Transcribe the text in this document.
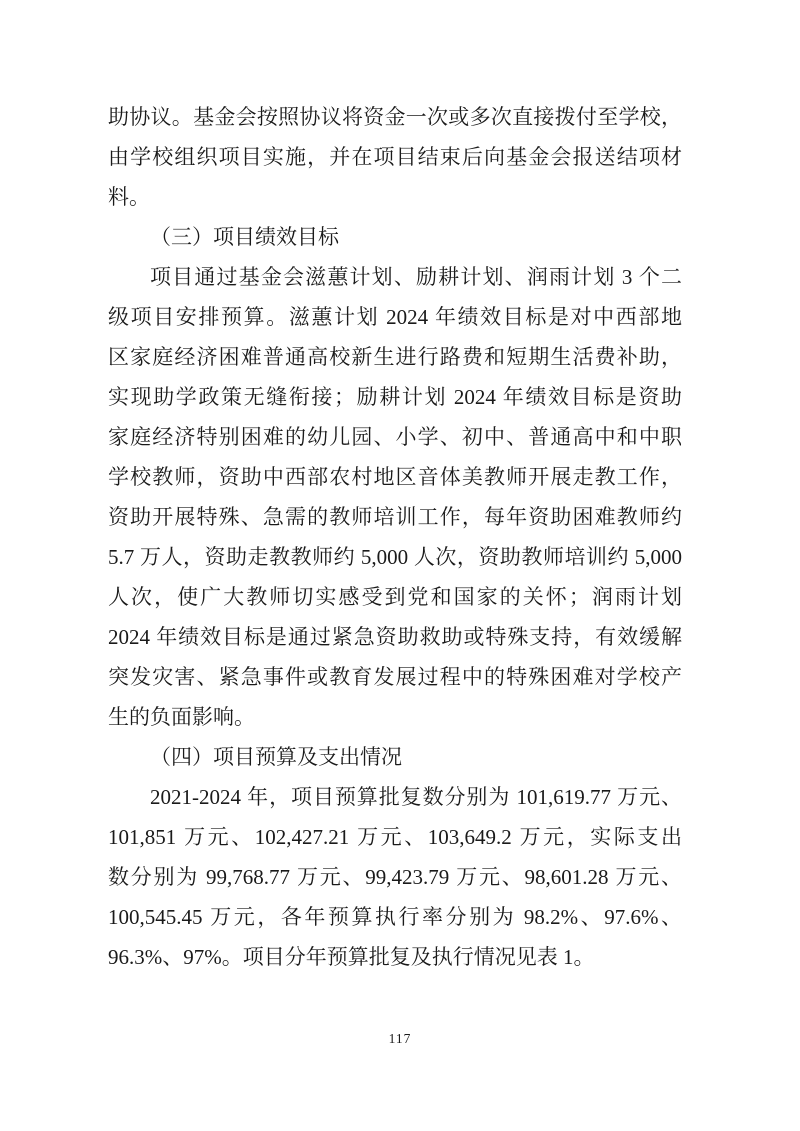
助协议。基金会按照协议将资金一次或多次直接拨付至学校，
由学校组织项目实施，并在项目结束后向基金会报送结项材
料。
（三）项目绩效目标
项目通过基金会滋蕙计划、励耕计划、润雨计划 3 个二
级项目安排预算。滋蕙计划 2024 年绩效目标是对中西部地
区家庭经济困难普通高校新生进行路费和短期生活费补助，
实现助学政策无缝衔接；励耕计划 2024 年绩效目标是资助
家庭经济特别困难的幼儿园、小学、初中、普通高中和中职
学校教师，资助中西部农村地区音体美教师开展走教工作，
资助开展特殊、急需的教师培训工作，每年资助困难教师约
5.7 万人，资助走教教师约 5,000 人次，资助教师培训约 5,000
人次，使广大教师切实感受到党和国家的关怀；润雨计划
2024 年绩效目标是通过紧急资助救助或特殊支持，有效缓解
突发灾害、紧急事件或教育发展过程中的特殊困难对学校产
生的负面影响。
（四）项目预算及支出情况
2021-2024 年，项目预算批复数分别为 101,619.77 万元、
101,851 万元、102,427.21 万元、103,649.2 万元，实际支出
数分别为 99,768.77 万元、99,423.79 万元、98,601.28 万元、
100,545.45 万元，各年预算执行率分别为 98.2%、97.6%、
96.3%、97%。项目分年预算批复及执行情况见表 1。
117
